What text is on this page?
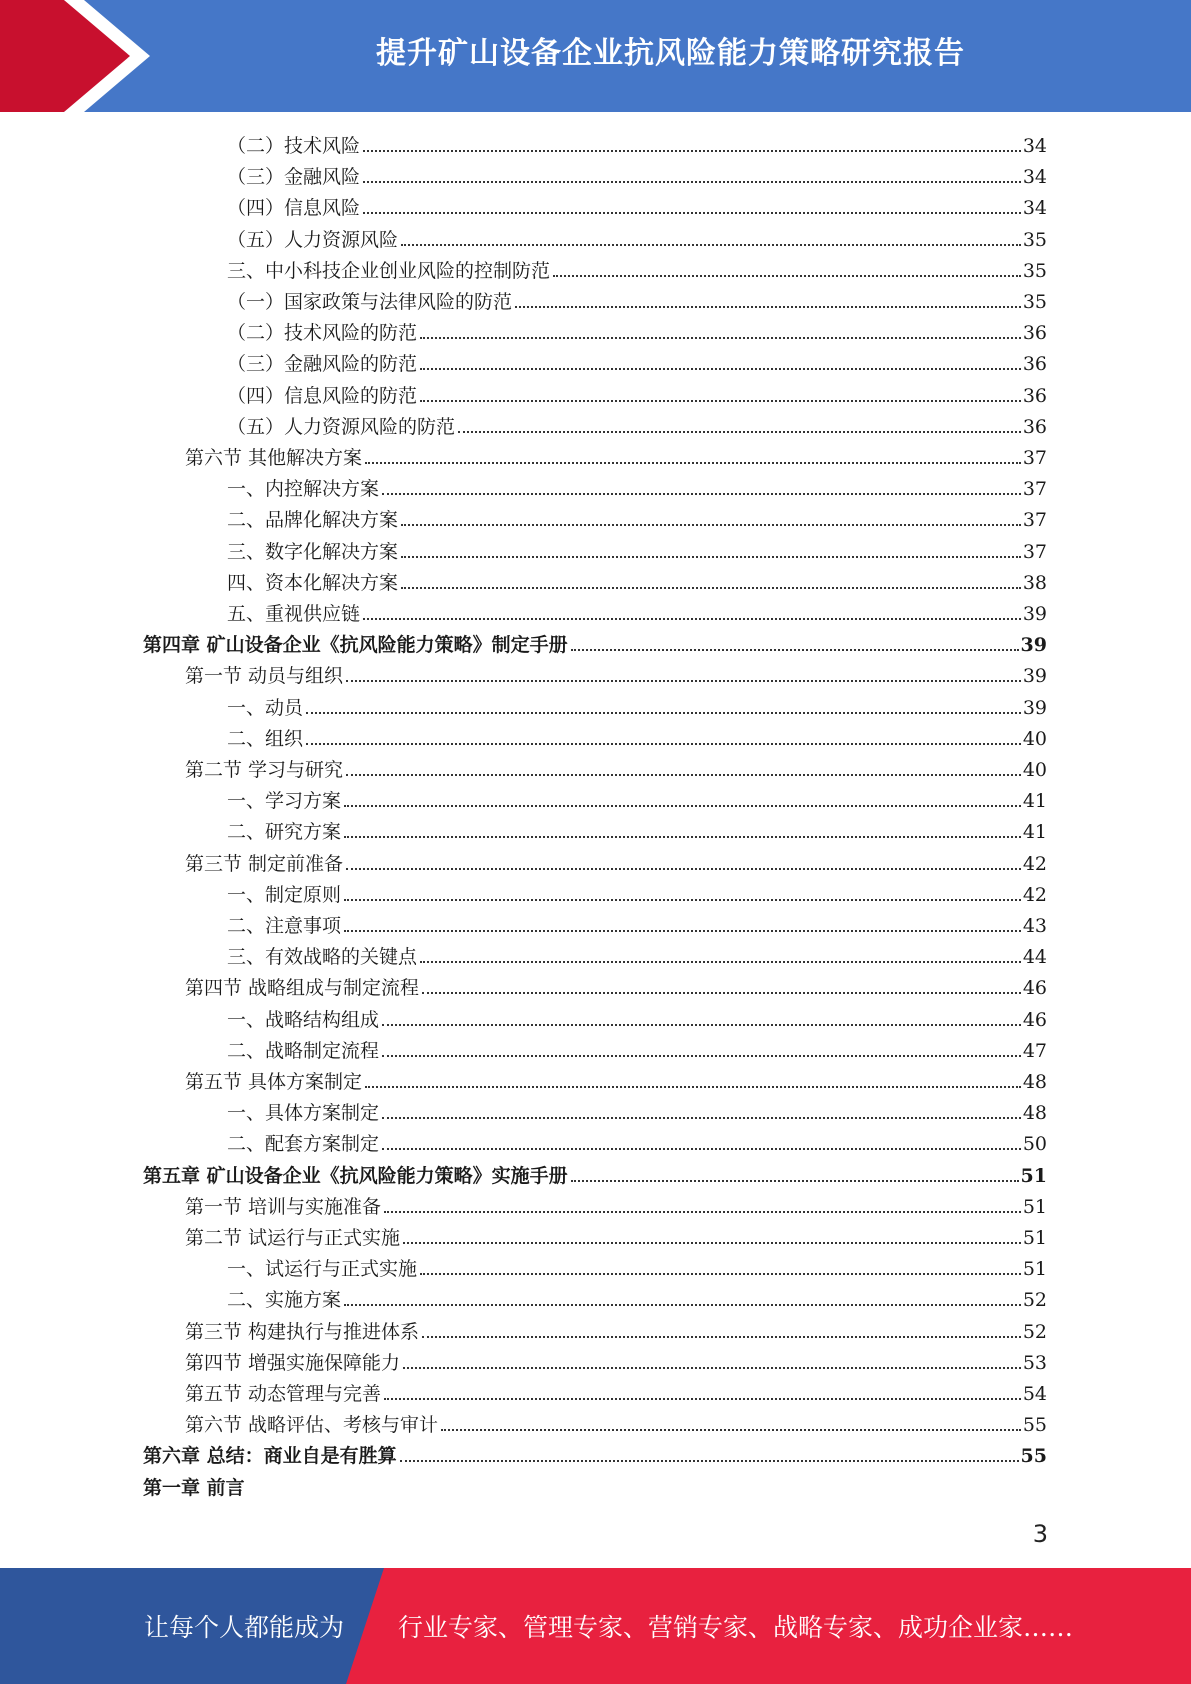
提升矿山设备企业抗风险能力策略研究报告
（二）技术风险	34
（三）金融风险	34
（四）信息风险	34
（五）人力资源风险	35
三、中小科技企业创业风险的控制防范	35
（一）国家政策与法律风险的防范	35
（二）技术风险的防范	36
（三）金融风险的防范	36
（四）信息风险的防范	36
（五）人力资源风险的防范	36
第六节 其他解决方案	37
一、内控解决方案	37
二、品牌化解决方案	37
三、数字化解决方案	37
四、资本化解决方案	38
五、重视供应链	39
第四章 矿山设备企业《抗风险能力策略》制定手册	39
第一节 动员与组织	39
一、动员	39
二、组织	40
第二节 学习与研究	40
一、学习方案	41
二、研究方案	41
第三节 制定前准备	42
一、制定原则	42
二、注意事项	43
三、有效战略的关键点	44
第四节 战略组成与制定流程	46
一、战略结构组成	46
二、战略制定流程	47
第五节 具体方案制定	48
一、具体方案制定	48
二、配套方案制定	50
第五章 矿山设备企业《抗风险能力策略》实施手册	51
第一节 培训与实施准备	51
第二节 试运行与正式实施	51
一、试运行与正式实施	51
二、实施方案	52
第三节 构建执行与推进体系	52
第四节 增强实施保障能力	53
第五节 动态管理与完善	54
第六节 战略评估、考核与审计	55
第六章 总结：商业自是有胜算	55
第一章 前言
3
让每个人都能成为 行业专家、管理专家、营销专家、战略专家、成功企业家……
